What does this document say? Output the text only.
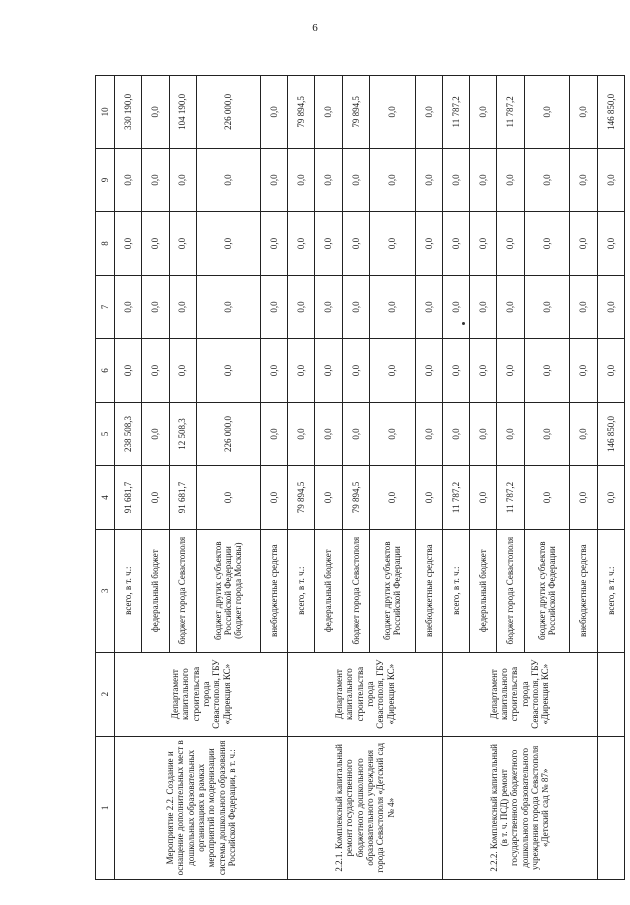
6
1	2	3	4	5	6	7	8	9	10
Мероприятие 2.2. Создание и оснащение дополнительных мест в дошкольных образовательных организациях в рамках мероприятий по модернизации системы дошкольного образования Российской Федерации, в т. ч.:	Департамент капитального строительства города Севастополя, ГБУ «Дирекция КС»	всего, в т. ч.:	91 681,7	238 508,3	0,0	0,0	0,0	0,0	330 190,0
		федеральный бюджет	0,0	0,0	0,0	0,0	0,0	0,0	0,0
		бюджет города Севастополя	91 681,7	12 508,3	0,0	0,0	0,0	0,0	104 190,0
		бюджет других субъектов Российской Федерации (бюджет города Москвы)	0,0	226 000,0	0,0	0,0	0,0	0,0	226 000,0
		внебюджетные средства	0,0	0,0	0,0	0,0	0,0	0,0	0,0
2.2.1. Комплексный капитальный ремонт государственного бюджетного дошкольного образовательного учреждения города Севастополя «Детский сад № 4»	Департамент капитального строительства города Севастополя, ГБУ «Дирекция КС»	всего, в т. ч.:	79 894,5	0,0	0,0	0,0	0,0	0,0	79 894,5
		федеральный бюджет	0,0	0,0	0,0	0,0	0,0	0,0	0,0
		бюджет города Севастополя	79 894,5	0,0	0,0	0,0	0,0	0,0	79 894,5
		бюджет других субъектов Российской Федерации	0,0	0,0	0,0	0,0	0,0	0,0	0,0
		внебюджетные средства	0,0	0,0	0,0	0,0	0,0	0,0	0,0
2.2.2. Комплексный капитальный (в т. ч. ПСД) ремонт государственного бюджетного дошкольного образовательного учреждения города Севастополя «Детский сад № 87»	Департамент капитального строительства города Севастополя, ГБУ «Дирекция КС»	всего, в т. ч.:	11 787,2	0,0	0,0	0,0	0,0	0,0	11 787,2
		федеральный бюджет	0,0	0,0	0,0	0,0	0,0	0,0	0,0
		бюджет города Севастополя	11 787,2	0,0	0,0	0,0	0,0	0,0	11 787,2
		бюджет других субъектов Российской Федерации	0,0	0,0	0,0	0,0	0,0	0,0	0,0
		внебюджетные средства	0,0	0,0	0,0	0,0	0,0	0,0	0,0
		всего, в т. ч.:	0,0	146 850,0	0,0	0,0	0,0	0,0	146 850,0
